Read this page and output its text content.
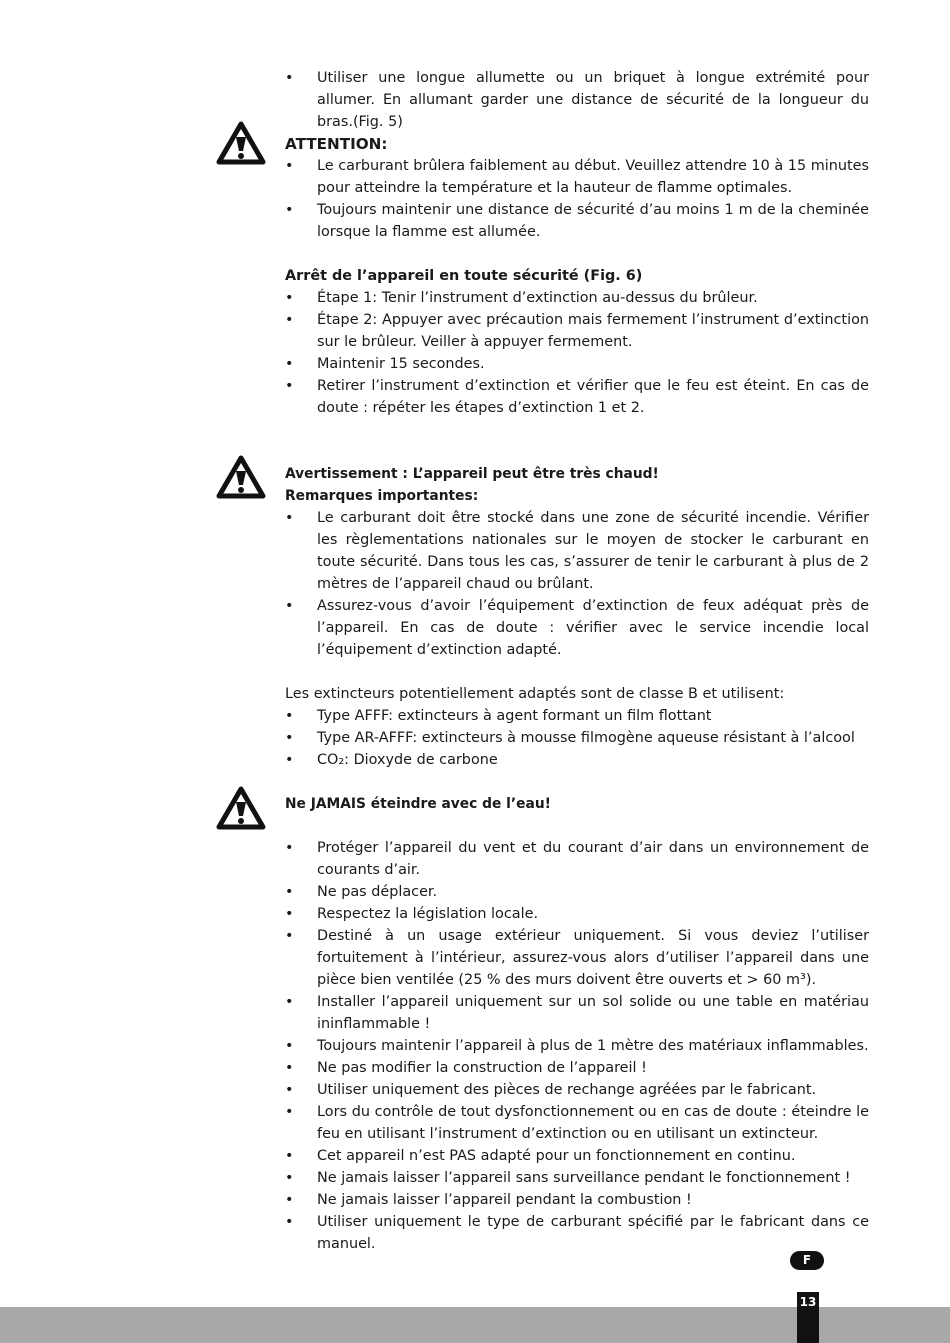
• Utiliser une longue allumette ou un briquet à longue extrémité pour allumer. En allumant garder une distance de sécurité de la longueur du bras.(Fig. 5)
ATTENTION:
• Le carburant brûlera faiblement au début. Veuillez attendre 10 à 15 minutes pour atteindre la température et la hauteur de flamme optimales.
• Toujours maintenir une distance de sécurité d’au moins 1 m de la cheminée lorsque la flamme est allumée.
Arrêt de l’appareil en toute sécurité (Fig. 6)
• Étape 1: Tenir l’instrument d’extinction au-dessus du brûleur.
• Étape 2: Appuyer avec précaution mais fermement l’instrument d’extinction sur le brûleur. Veiller à appuyer fermement.
• Maintenir 15 secondes.
• Retirer l’instrument d’extinction et vérifier que le feu est éteint. En cas de doute : répéter les étapes d’extinction 1 et 2.
Avertissement : L’appareil peut être très chaud!
Remarques importantes:
• Le carburant doit être stocké dans une zone de sécurité incendie. Vérifier les règlementations nationales sur le moyen de stocker le carburant en toute sécurité. Dans tous les cas, s’assurer de tenir le carburant à plus de 2 mètres de l’appareil chaud ou brûlant.
• Assurez-vous d’avoir l’équipement d’extinction de feux adéquat près de l’appareil. En cas de doute : vérifier avec le service incendie local l’équipement d’extinction adapté.
Les extincteurs potentiellement adaptés sont de classe B et utilisent:
• Type AFFF: extincteurs à agent formant un film flottant
• Type AR-AFFF: extincteurs à mousse filmogène aqueuse résistant à l’alcool
• CO₂: Dioxyde de carbone
Ne JAMAIS éteindre avec de l’eau!
• Protéger l’appareil du vent et du courant d’air dans un environnement de courants d’air.
• Ne pas déplacer.
• Respectez la législation locale.
• Destiné à un usage extérieur uniquement. Si vous deviez l’utiliser fortuitement à l’intérieur, assurez-vous alors d’utiliser l’appareil dans une pièce bien ventilée (25 % des murs doivent être ouverts et > 60 m³).
• Installer l’appareil uniquement sur un sol solide ou une table en matériau ininflammable !
• Toujours maintenir l’appareil à plus de 1 mètre des matériaux inflammables.
• Ne pas modifier la construction de l’appareil !
• Utiliser uniquement des pièces de rechange agréées par le fabricant.
• Lors du contrôle de tout dysfonctionnement ou en cas de doute : éteindre le feu en utilisant l’instrument d’extinction ou en utilisant un extincteur.
• Cet appareil n’est PAS adapté pour un fonctionnement en continu.
• Ne jamais laisser l’appareil sans surveillance pendant le fonctionnement !
• Ne jamais laisser l’appareil pendant la combustion !
• Utiliser uniquement le type de carburant spécifié par le fabricant dans ce manuel.
F
13
